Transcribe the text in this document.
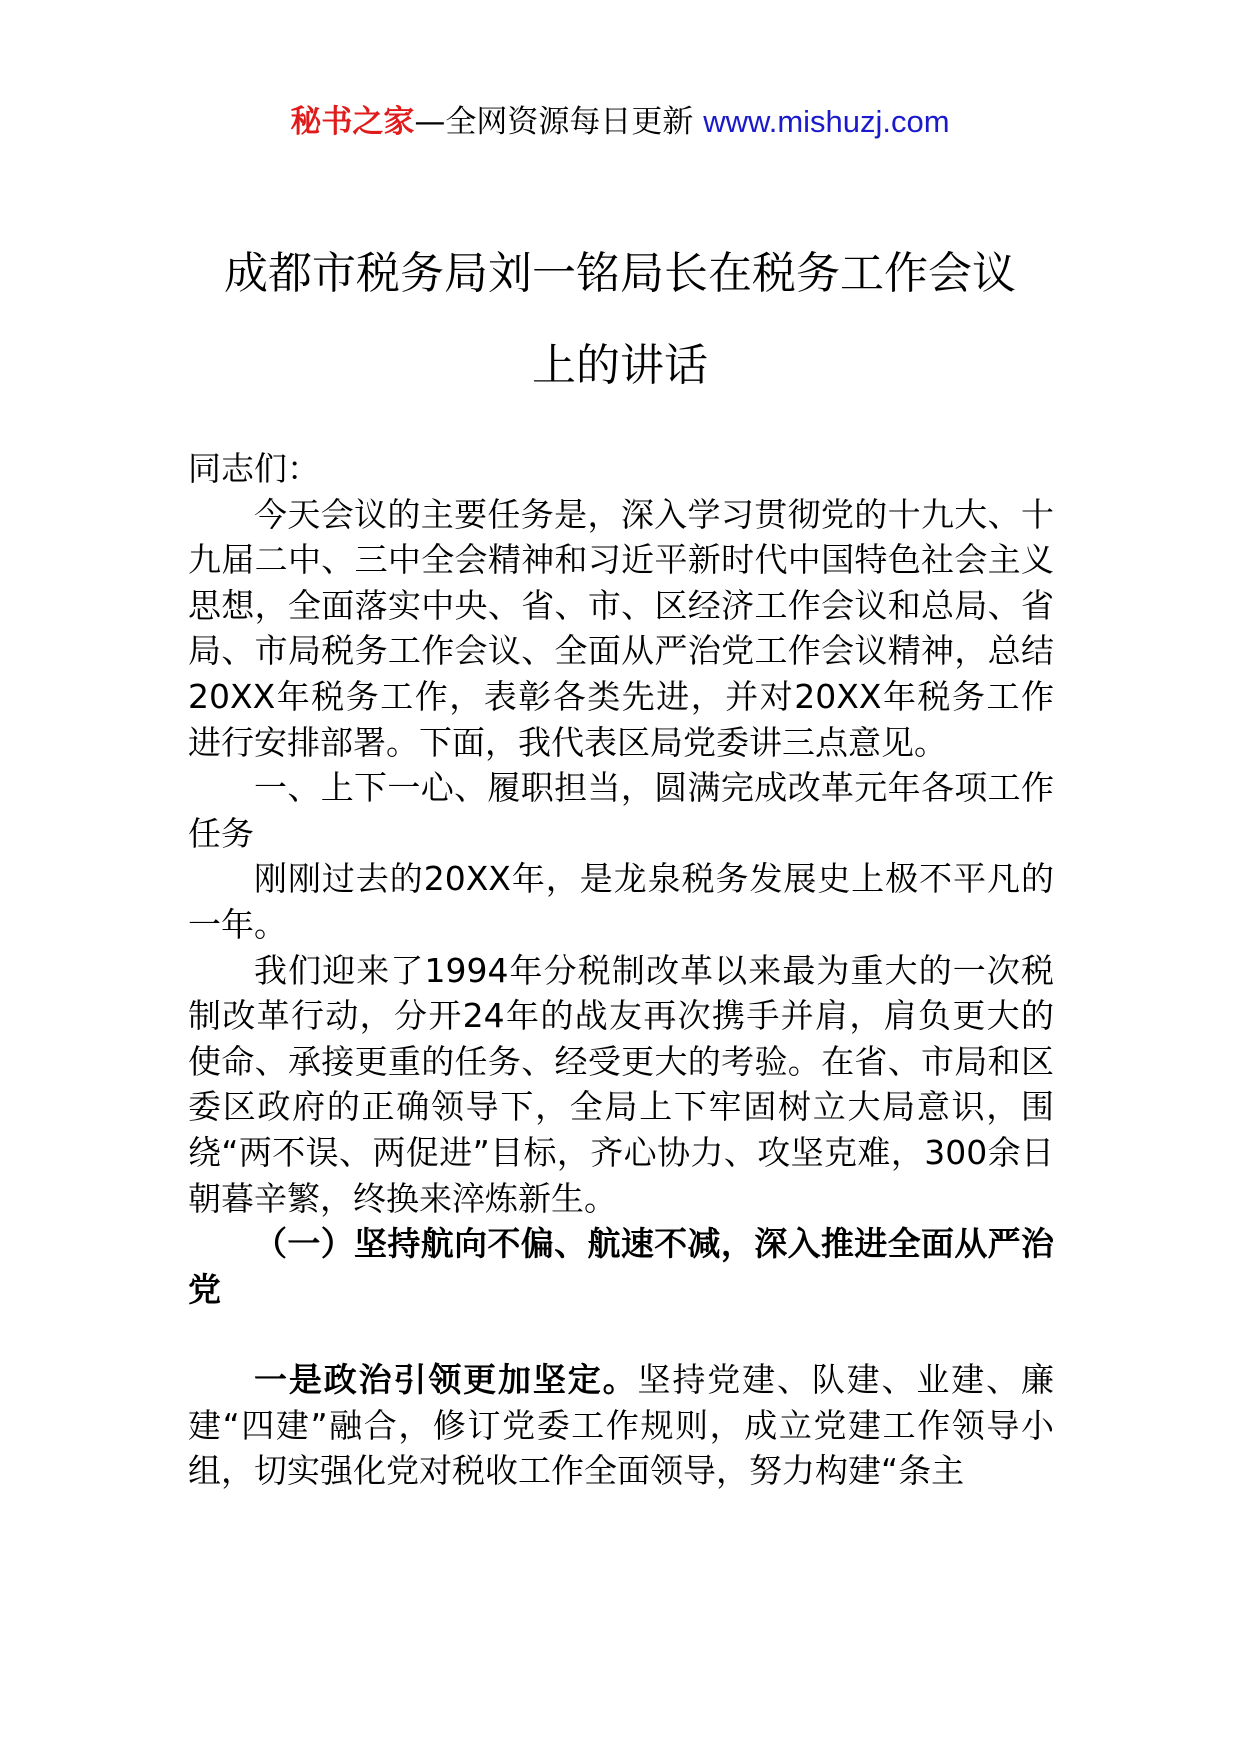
秘书之家—全网资源每日更新 www.mishuzj.com
成都市税务局刘一铭局长在税务工作会议
上的讲话

同志们：

今天会议的主要任务是，深入学习贯彻党的十九大、十九届二中、三中全会精神和习近平新时代中国特色社会主义思想，全面落实中央、省、市、区经济工作会议和总局、省局、市局税务工作会议、全面从严治党工作会议精神，总结20XX年税务工作，表彰各类先进，并对20XX年税务工作进行安排部署。下面，我代表区局党委讲三点意见。

一、上下一心、履职担当，圆满完成改革元年各项工作任务

刚刚过去的20XX年，是龙泉税务发展史上极不平凡的一年。

我们迎来了1994年分税制改革以来最为重大的一次税制改革行动，分开24年的战友再次携手并肩，肩负更大的使命、承接更重的任务、经受更大的考验。在省、市局和区委区政府的正确领导下，全局上下牢固树立大局意识，围绕“两不误、两促进”目标，齐心协力、攻坚克难，300余日朝暮辛繁，终换来淬炼新生。

（一）坚持航向不偏、航速不减，深入推进全面从严治党

一是政治引领更加坚定。坚持党建、队建、业建、廉建“四建”融合，修订党委工作规则，成立党建工作领导小组，切实强化党对税收工作全面领导，努力构建“条主
